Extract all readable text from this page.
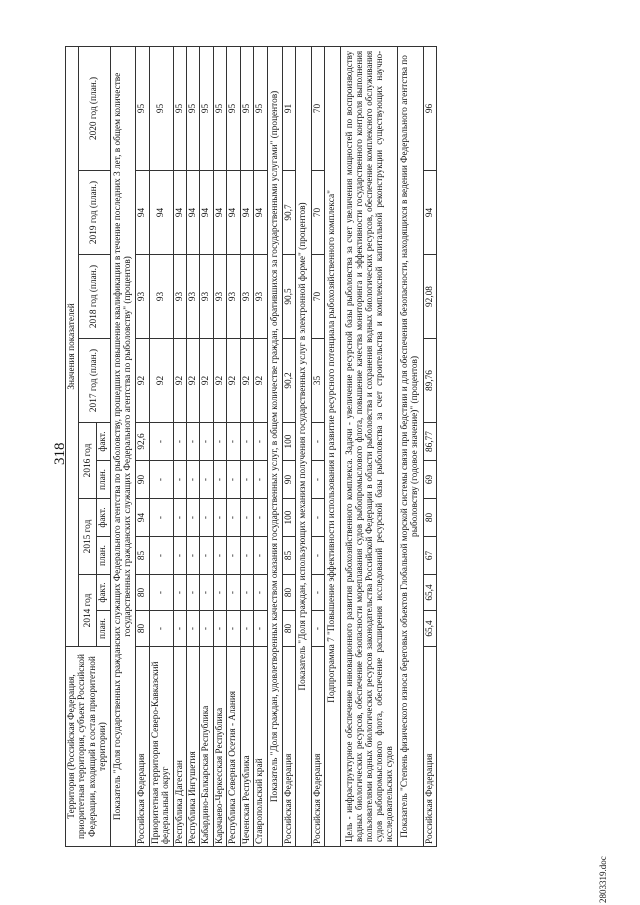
318
2803319.doc
Территория (Российская Федерация, приоритетная территория, субъект Российской Федерации, входящий в состав приоритетной территории)	Значения показателей									
	2014 год		2015 год		2016 год		2017 год (план.)	2018 год (план.)	2019 год (план.)	2020 год (план.)
	план.	факт.	план.	факт.	план.	факт.				
Показатель "Доля государственных гражданских служащих Федерального агентства по рыболовству, прошедших повышение квалификации в течение последних 3 лет, в общем количестве государственных гражданских служащих Федерального агентства по рыболовству" (процентов)										
Российская Федерация	80	80	85	94	90	92,6	92	93	94	95
Приоритетная территория Северо-Кавказский федеральный округ	-	-	-	-	-	-	92	93	94	95
Республика Дагестан	-	-	-	-	-	-	92	93	94	95
Республика Ингушетия	-	-	-	-	-	-	92	93	94	95
Кабардино-Балкарская Республика	-	-	-	-	-	-	92	93	94	95
Карачаево-Черкесская Республика	-	-	-	-	-	-	92	93	94	95
Республика Северная Осетия - Алания	-	-	-	-	-	-	92	93	94	95
Чеченская Республика	-	-	-	-	-	-	92	93	94	95
Ставропольский край	-	-	-	-	-	-	92	93	94	95
Показатель "Доля граждан, удовлетворенных качеством оказания государственных услуг, в общем количестве граждан, обратившихся за государственными услугами" (процентов)										
Российская Федерация	80	80	85	100	90	100	90,2	90,5	90,7	91
Показатель "Доля граждан, использующих механизм получения государственных услуг в электронной форме" (процентов)										
Российская Федерация	-	-	-	-	-	-	35	70	70	70
Подпрограмма 7 "Повышение эффективности использования и развитие ресурсного потенциала рыбохозяйственного комплекса"										
Цель - инфраструктурное обеспечение инновационного развития рыбохозяйственного комплекса. Задачи - увеличение ресурсной базы рыболовства за счет увеличения мощностей по воспроизводству водных биологических ресурсов, обеспечение безопасности мореплавания судов рыбопромыслового флота, повышение качества мониторинга и эффективности государственного контроля выполнения пользователями водных биологических ресурсов законодательства Российской Федерации в области рыболовства и сохранения водных биологических ресурсов, обеспечение комплексного обслуживания судов рыбопромыслового флота, обеспечение расширения исследований ресурсной базы рыболовства за счет строительства и комплексной капитальной реконструкции существующих научно-исследовательских судов										
Показатель "Степень физического износа береговых объектов Глобальной морской системы связи при бедствии и для обеспечения безопасности, находящихся в ведении Федерального агентства по рыболовству (годовое значение)" (процентов)										
Российская Федерация	65,4	65,4	67	80	69	86,77	89,76	92,08	94	96
